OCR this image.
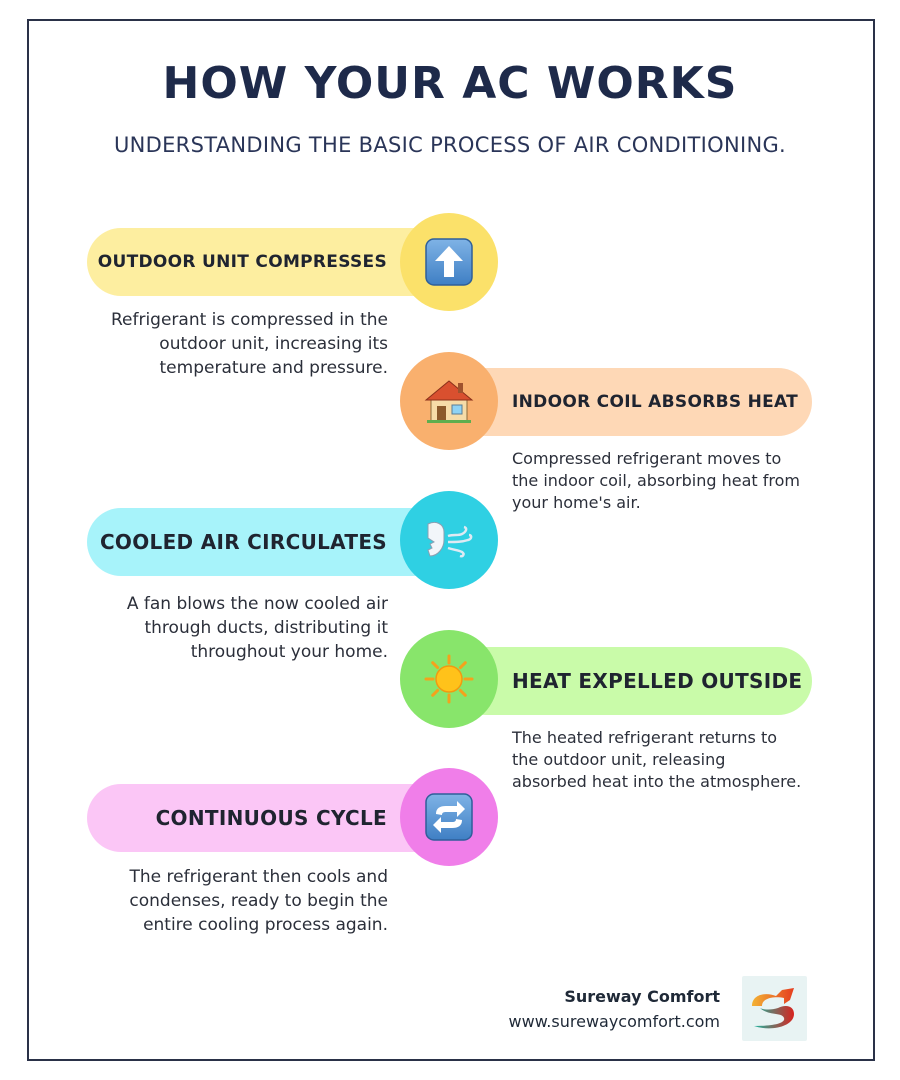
HOW YOUR AC WORKS
UNDERSTANDING THE BASIC PROCESS OF AIR CONDITIONING.
OUTDOOR UNIT COMPRESSES
Refrigerant is compressed in the outdoor unit, increasing its temperature and pressure.
INDOOR COIL ABSORBS HEAT
Compressed refrigerant moves to the indoor coil, absorbing heat from your home's air.
COOLED AIR CIRCULATES
A fan blows the now cooled air through ducts, distributing it throughout your home.
HEAT EXPELLED OUTSIDE
The heated refrigerant returns to the outdoor unit, releasing absorbed heat into the atmosphere.
CONTINUOUS CYCLE
The refrigerant then cools and condenses, ready to begin the entire cooling process again.
Sureway Comfort
www.surewaycomfort.com
